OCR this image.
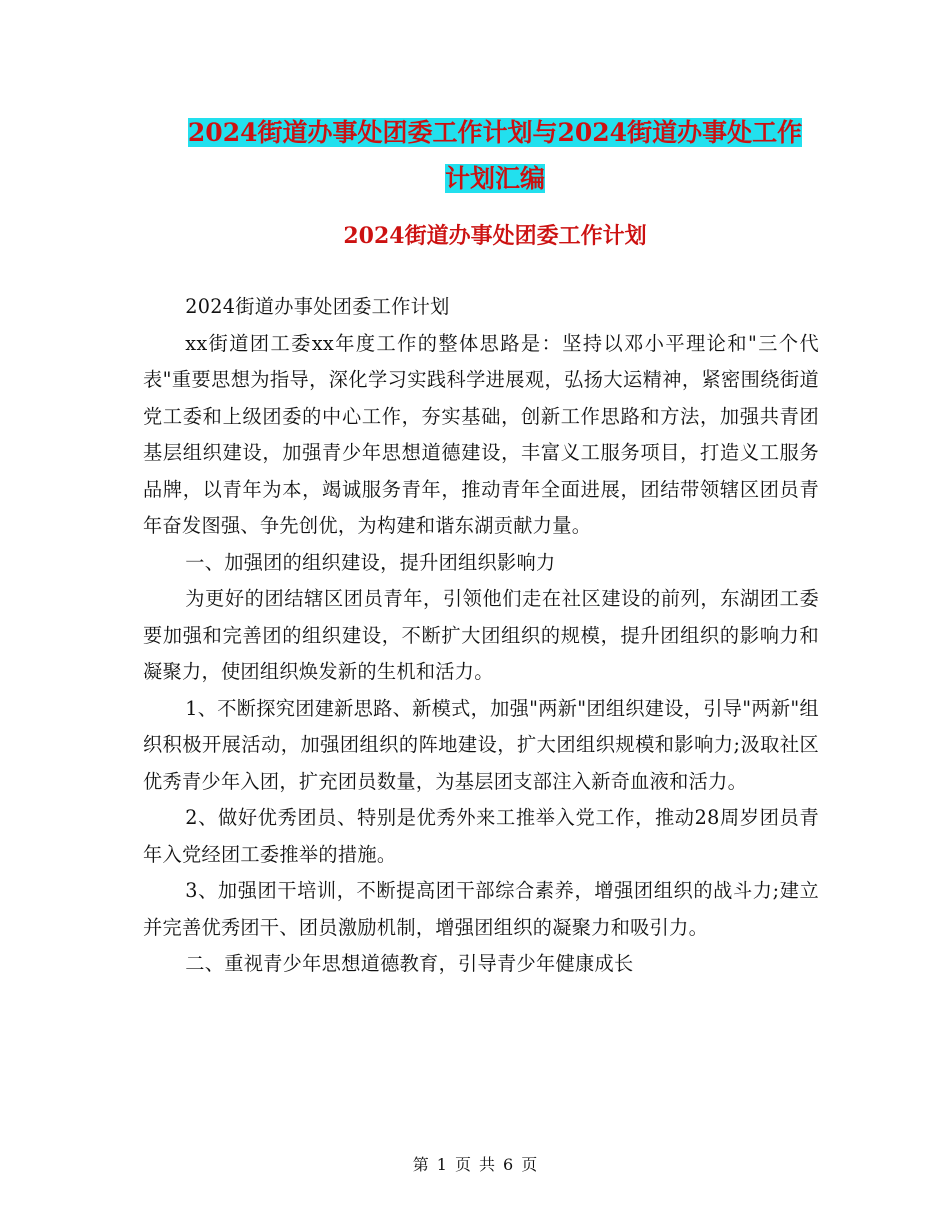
2024街道办事处团委工作计划与2024街道办事处工作
计划汇编
2024街道办事处团委工作计划

2024街道办事处团委工作计划

xx街道团工委xx年度工作的整体思路是：坚持以邓小平理论和"三个代表"重要思想为指导，深化学习实践科学进展观，弘扬大运精神，紧密围绕街道党工委和上级团委的中心工作，夯实基础，创新工作思路和方法，加强共青团基层组织建设，加强青少年思想道德建设，丰富义工服务项目，打造义工服务品牌，以青年为本，竭诚服务青年，推动青年全面进展，团结带领辖区团员青年奋发图强、争先创优，为构建和谐东湖贡献力量。

一、加强团的组织建设，提升团组织影响力

为更好的团结辖区团员青年，引领他们走在社区建设的前列，东湖团工委要加强和完善团的组织建设，不断扩大团组织的规模，提升团组织的影响力和凝聚力，使团组织焕发新的生机和活力。

1、不断探究团建新思路、新模式，加强"两新"团组织建设，引导"两新"组织积极开展活动，加强团组织的阵地建设，扩大团组织规模和影响力;汲取社区优秀青少年入团，扩充团员数量，为基层团支部注入新奇血液和活力。

2、做好优秀团员、特别是优秀外来工推举入党工作，推动28周岁团员青年入党经团工委推举的措施。

3、加强团干培训，不断提高团干部综合素养，增强团组织的战斗力;建立并完善优秀团干、团员激励机制，增强团组织的凝聚力和吸引力。

二、重视青少年思想道德教育，引导青少年健康成长

第 1 页 共 6 页
